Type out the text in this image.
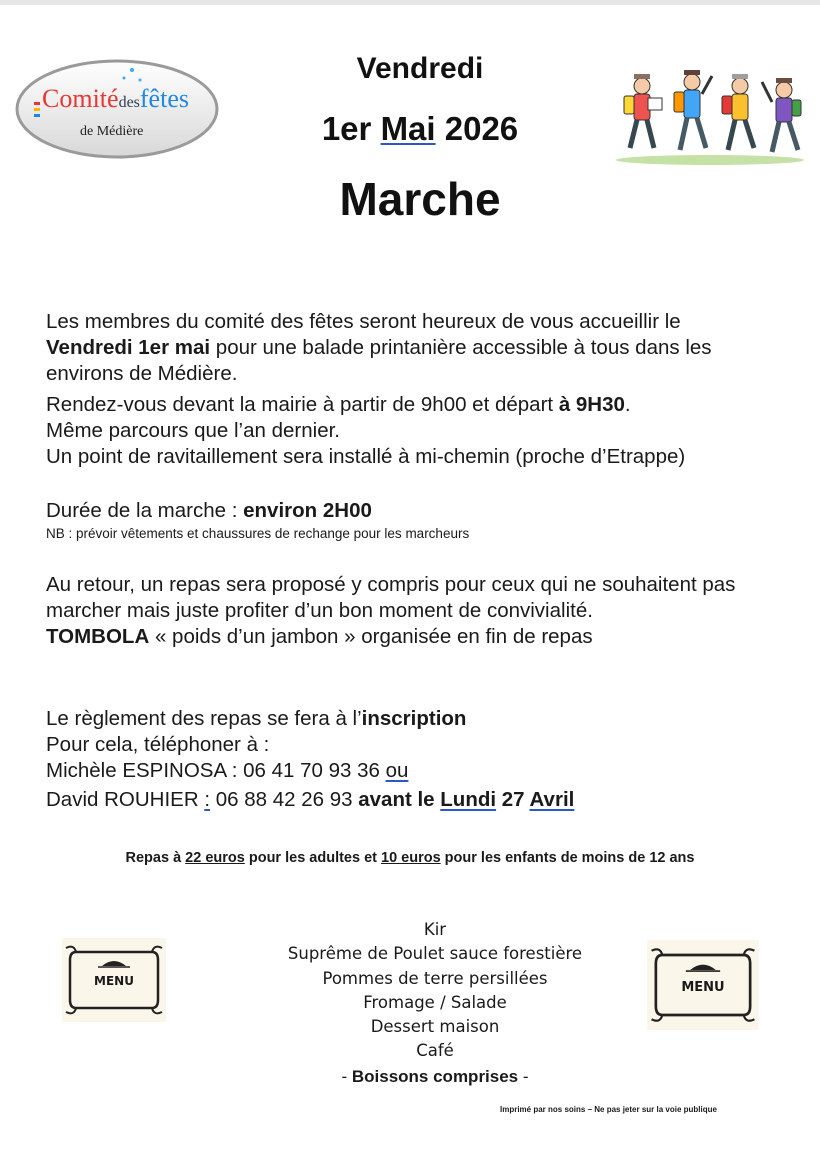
Comitédesfêtes
de Médière
Vendredi
1er Mai 2026
Marche
Les membres du comité des fêtes seront heureux de vous accueillir le
Vendredi 1er mai pour une balade printanière accessible à tous dans les
environs de Médière.
Rendez-vous devant la mairie à partir de 9h00 et départ à 9H30.
Même parcours que l’an dernier.
Un point de ravitaillement sera installé à mi-chemin (proche d’Etrappe)
Durée de la marche : environ 2H00
NB : prévoir vêtements et chaussures de rechange pour les marcheurs
Au retour, un repas sera proposé y compris pour ceux qui ne souhaitent pas
marcher mais juste profiter d’un bon moment de convivialité.
TOMBOLA « poids d’un jambon » organisée en fin de repas
Le règlement des repas se fera à l’inscription
Pour cela, téléphoner à :
Michèle ESPINOSA : 06 41 70 93 36 ou
David ROUHIER : 06 88 42 26 93 avant le Lundi 27 Avril
Repas à 22 euros pour les adultes et 10 euros pour les enfants de moins de 12 ans
Kir
Suprême de Poulet sauce forestière
Pommes de terre persillées
Fromage / Salade
Dessert maison
Café
- Boissons comprises -
MENU	MENU
Imprimé par nos soins – Ne pas jeter sur la voie publique
